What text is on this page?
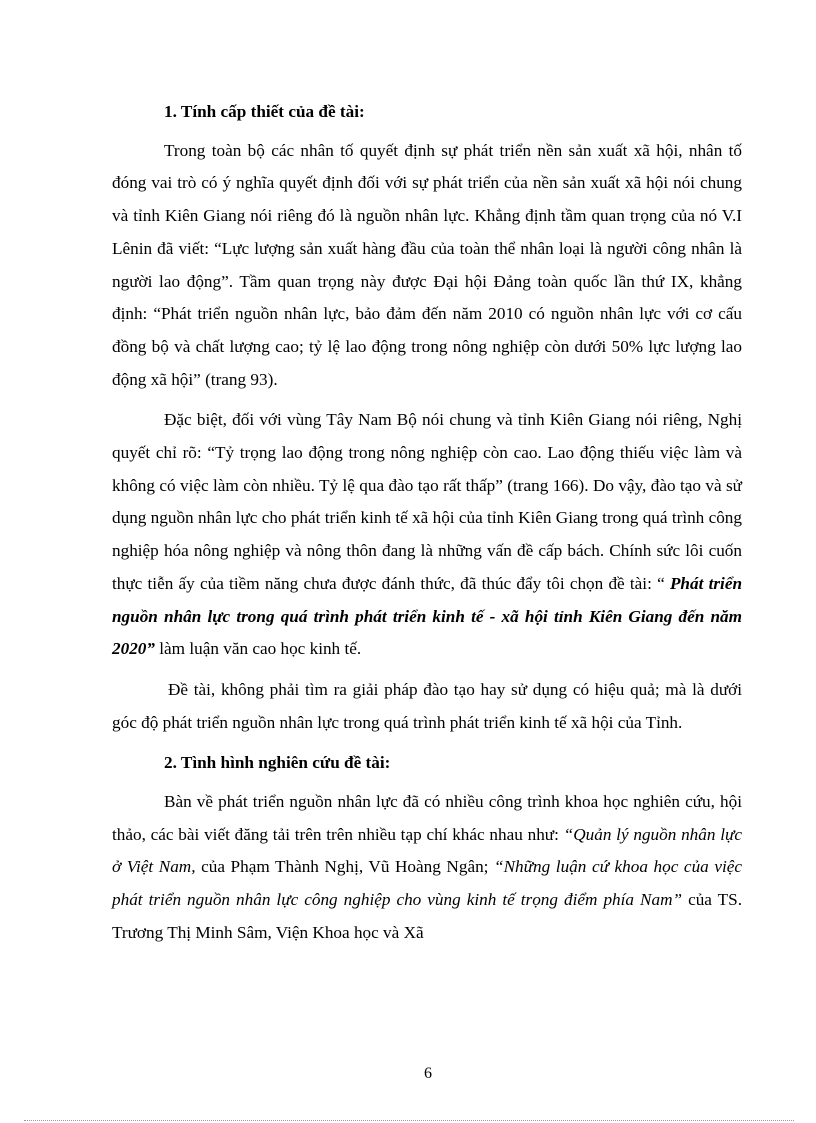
1. Tính cấp thiết của đề tài:

Trong toàn bộ các nhân tố quyết định sự phát triển nền sản xuất xã hội, nhân tố đóng vai trò có ý nghĩa quyết định đối với sự phát triển của nền sản xuất xã hội nói chung và tỉnh Kiên Giang nói riêng đó là nguồn nhân lực. Khẳng định tầm quan trọng của nó V.I Lênin đã viết: “Lực lượng sản xuất hàng đầu của toàn thể nhân loại là người công nhân là người lao động”. Tầm quan trọng này được Đại hội Đảng toàn quốc lần thứ IX, khẳng định: “Phát triển nguồn nhân lực, bảo đảm đến năm 2010 có nguồn nhân lực với cơ cấu đồng bộ và chất lượng cao; tỷ lệ lao động trong nông nghiệp còn dưới 50% lực lượng lao động xã hội” (trang 93).

Đặc biệt, đối với vùng Tây Nam Bộ nói chung và tỉnh Kiên Giang nói riêng, Nghị quyết chỉ rõ: “Tỷ trọng lao động trong nông nghiệp còn cao. Lao động thiếu việc làm và không có việc làm còn nhiều. Tỷ lệ qua đào tạo rất thấp” (trang 166). Do vậy, đào tạo và sử dụng nguồn nhân lực cho phát triển kinh tế xã hội của tỉnh Kiên Giang trong quá trình công nghiệp hóa nông nghiệp và nông thôn đang là những vấn đề cấp bách. Chính sức lôi cuốn thực tiễn ấy của tiềm năng chưa được đánh thức, đã thúc đẩy tôi chọn đề tài: “ Phát triển nguồn nhân lực trong quá trình phát triển kinh tế - xã hội tỉnh Kiên Giang đến năm 2020” làm luận văn cao học kinh tế.

Đề tài, không phải tìm ra giải pháp đào tạo hay sử dụng có hiệu quả; mà là dưới góc độ phát triển nguồn nhân lực trong quá trình phát triển kinh tế xã hội của Tỉnh.

2. Tình hình nghiên cứu đề tài:

Bàn về phát triển nguồn nhân lực đã có nhiều công trình khoa học nghiên cứu, hội thảo, các bài viết đăng tải trên trên nhiều tạp chí khác nhau như: “Quản lý nguồn nhân lực ở Việt Nam, của Phạm Thành Nghị, Vũ Hoàng Ngân; “Những luận cứ khoa học của việc phát triển nguồn nhân lực công nghiệp cho vùng kinh tế trọng điểm phía Nam” của TS. Trương Thị Minh Sâm, Viện Khoa học và Xã

6
